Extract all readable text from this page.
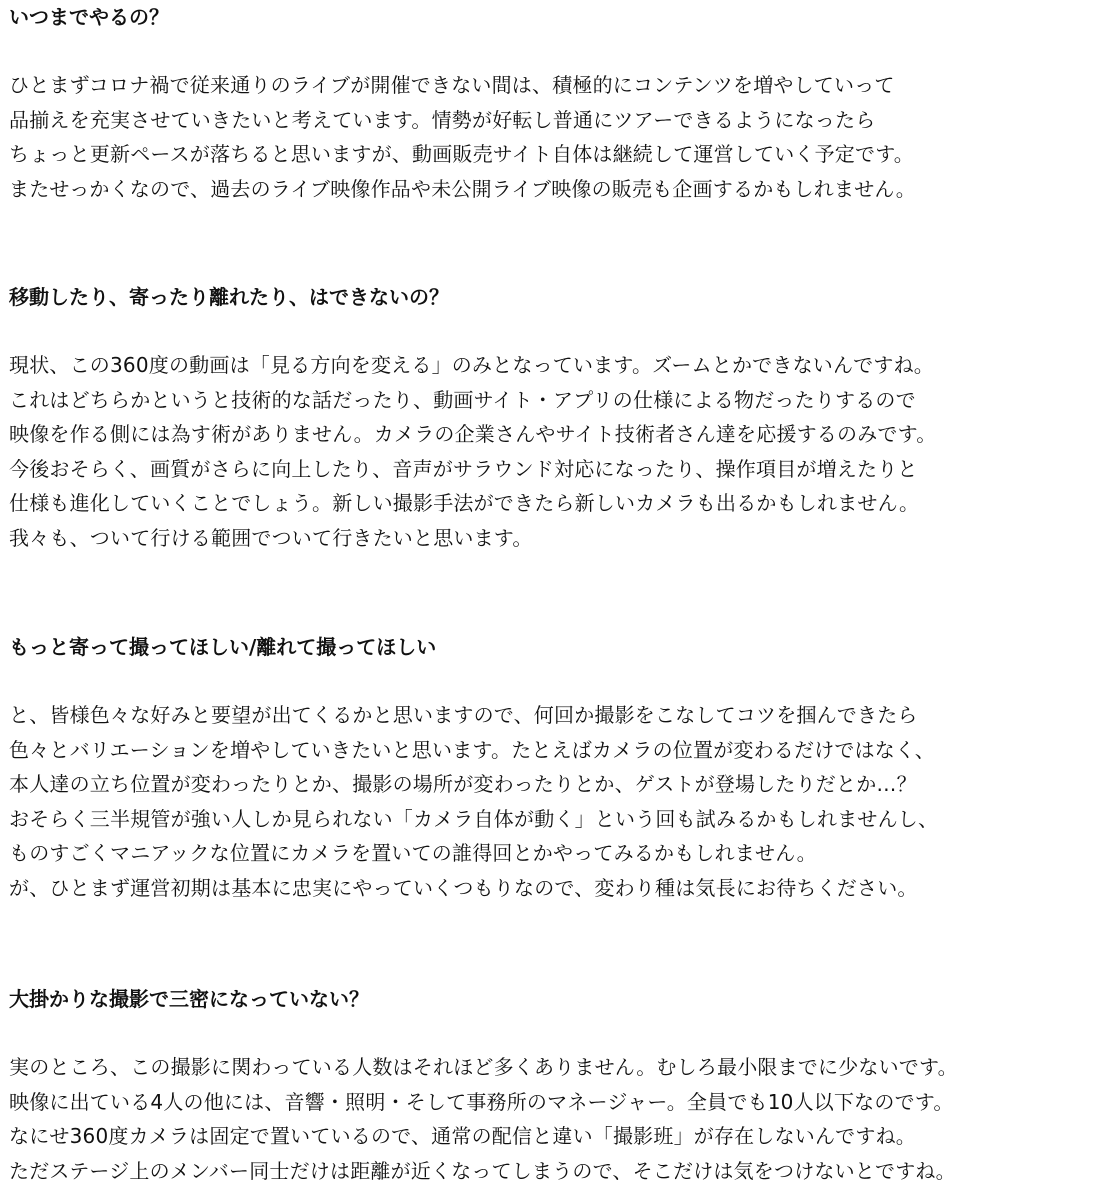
いつまでやるの？
ひとまずコロナ禍で従来通りのライブが開催できない間は、積極的にコンテンツを増やしていって
品揃えを充実させていきたいと考えています。情勢が好転し普通にツアーできるようになったら
ちょっと更新ペースが落ちると思いますが、動画販売サイト自体は継続して運営していく予定です。
またせっかくなので、過去のライブ映像作品や未公開ライブ映像の販売も企画するかもしれません。
移動したり、寄ったり離れたり、はできないの？
現状、この360度の動画は「見る方向を変える」のみとなっています。ズームとかできないんですね。
これはどちらかというと技術的な話だったり、動画サイト・アプリの仕様による物だったりするので
映像を作る側には為す術がありません。カメラの企業さんやサイト技術者さん達を応援するのみです。
今後おそらく、画質がさらに向上したり、音声がサラウンド対応になったり、操作項目が増えたりと
仕様も進化していくことでしょう。新しい撮影手法ができたら新しいカメラも出るかもしれません。
我々も、ついて行ける範囲でついて行きたいと思います。
もっと寄って撮ってほしい/離れて撮ってほしい
と、皆様色々な好みと要望が出てくるかと思いますので、何回か撮影をこなしてコツを掴んできたら
色々とバリエーションを増やしていきたいと思います。たとえばカメラの位置が変わるだけではなく、
本人達の立ち位置が変わったりとか、撮影の場所が変わったりとか、ゲストが登場したりだとか…？
おそらく三半規管が強い人しか見られない「カメラ自体が動く」という回も試みるかもしれませんし、
ものすごくマニアックな位置にカメラを置いての誰得回とかやってみるかもしれません。
が、ひとまず運営初期は基本に忠実にやっていくつもりなので、変わり種は気長にお待ちください。
大掛かりな撮影で三密になっていない？
実のところ、この撮影に関わっている人数はそれほど多くありません。むしろ最小限までに少ないです。
映像に出ている4人の他には、音響・照明・そして事務所のマネージャー。全員でも10人以下なのです。
なにせ360度カメラは固定で置いているので、通常の配信と違い「撮影班」が存在しないんですね。
ただステージ上のメンバー同士だけは距離が近くなってしまうので、そこだけは気をつけないとですね。
